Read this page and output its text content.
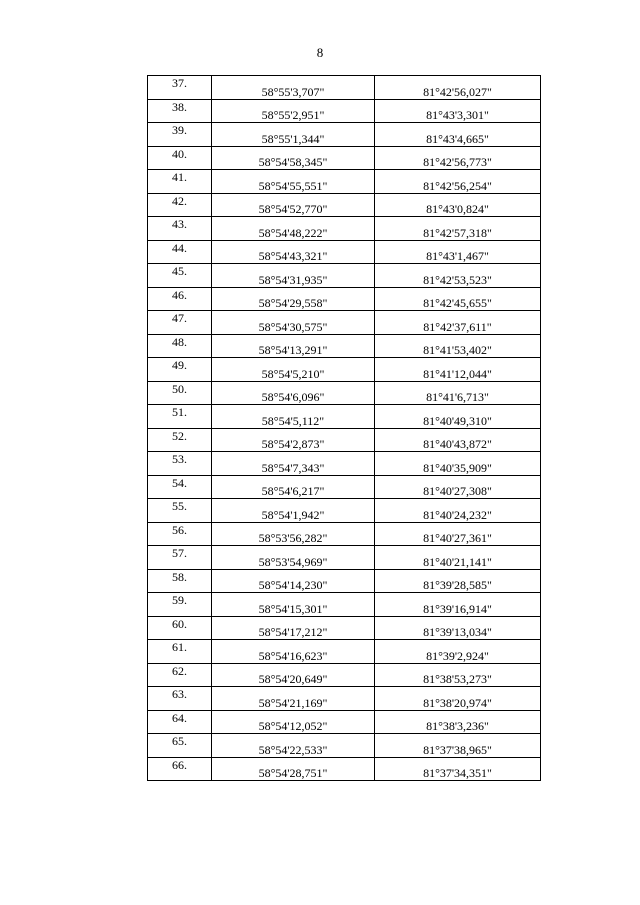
8
37.	58°55'3,707"	81°42'56,027"
38.	58°55'2,951"	81°43'3,301"
39.	58°55'1,344"	81°43'4,665"
40.	58°54'58,345"	81°42'56,773"
41.	58°54'55,551"	81°42'56,254"
42.	58°54'52,770"	81°43'0,824"
43.	58°54'48,222"	81°42'57,318"
44.	58°54'43,321"	81°43'1,467"
45.	58°54'31,935"	81°42'53,523"
46.	58°54'29,558"	81°42'45,655"
47.	58°54'30,575"	81°42'37,611"
48.	58°54'13,291"	81°41'53,402"
49.	58°54'5,210"	81°41'12,044"
50.	58°54'6,096"	81°41'6,713"
51.	58°54'5,112"	81°40'49,310"
52.	58°54'2,873"	81°40'43,872"
53.	58°54'7,343"	81°40'35,909"
54.	58°54'6,217"	81°40'27,308"
55.	58°54'1,942"	81°40'24,232"
56.	58°53'56,282"	81°40'27,361"
57.	58°53'54,969"	81°40'21,141"
58.	58°54'14,230"	81°39'28,585"
59.	58°54'15,301"	81°39'16,914"
60.	58°54'17,212"	81°39'13,034"
61.	58°54'16,623"	81°39'2,924"
62.	58°54'20,649"	81°38'53,273"
63.	58°54'21,169"	81°38'20,974"
64.	58°54'12,052"	81°38'3,236"
65.	58°54'22,533"	81°37'38,965"
66.	58°54'28,751"	81°37'34,351"
